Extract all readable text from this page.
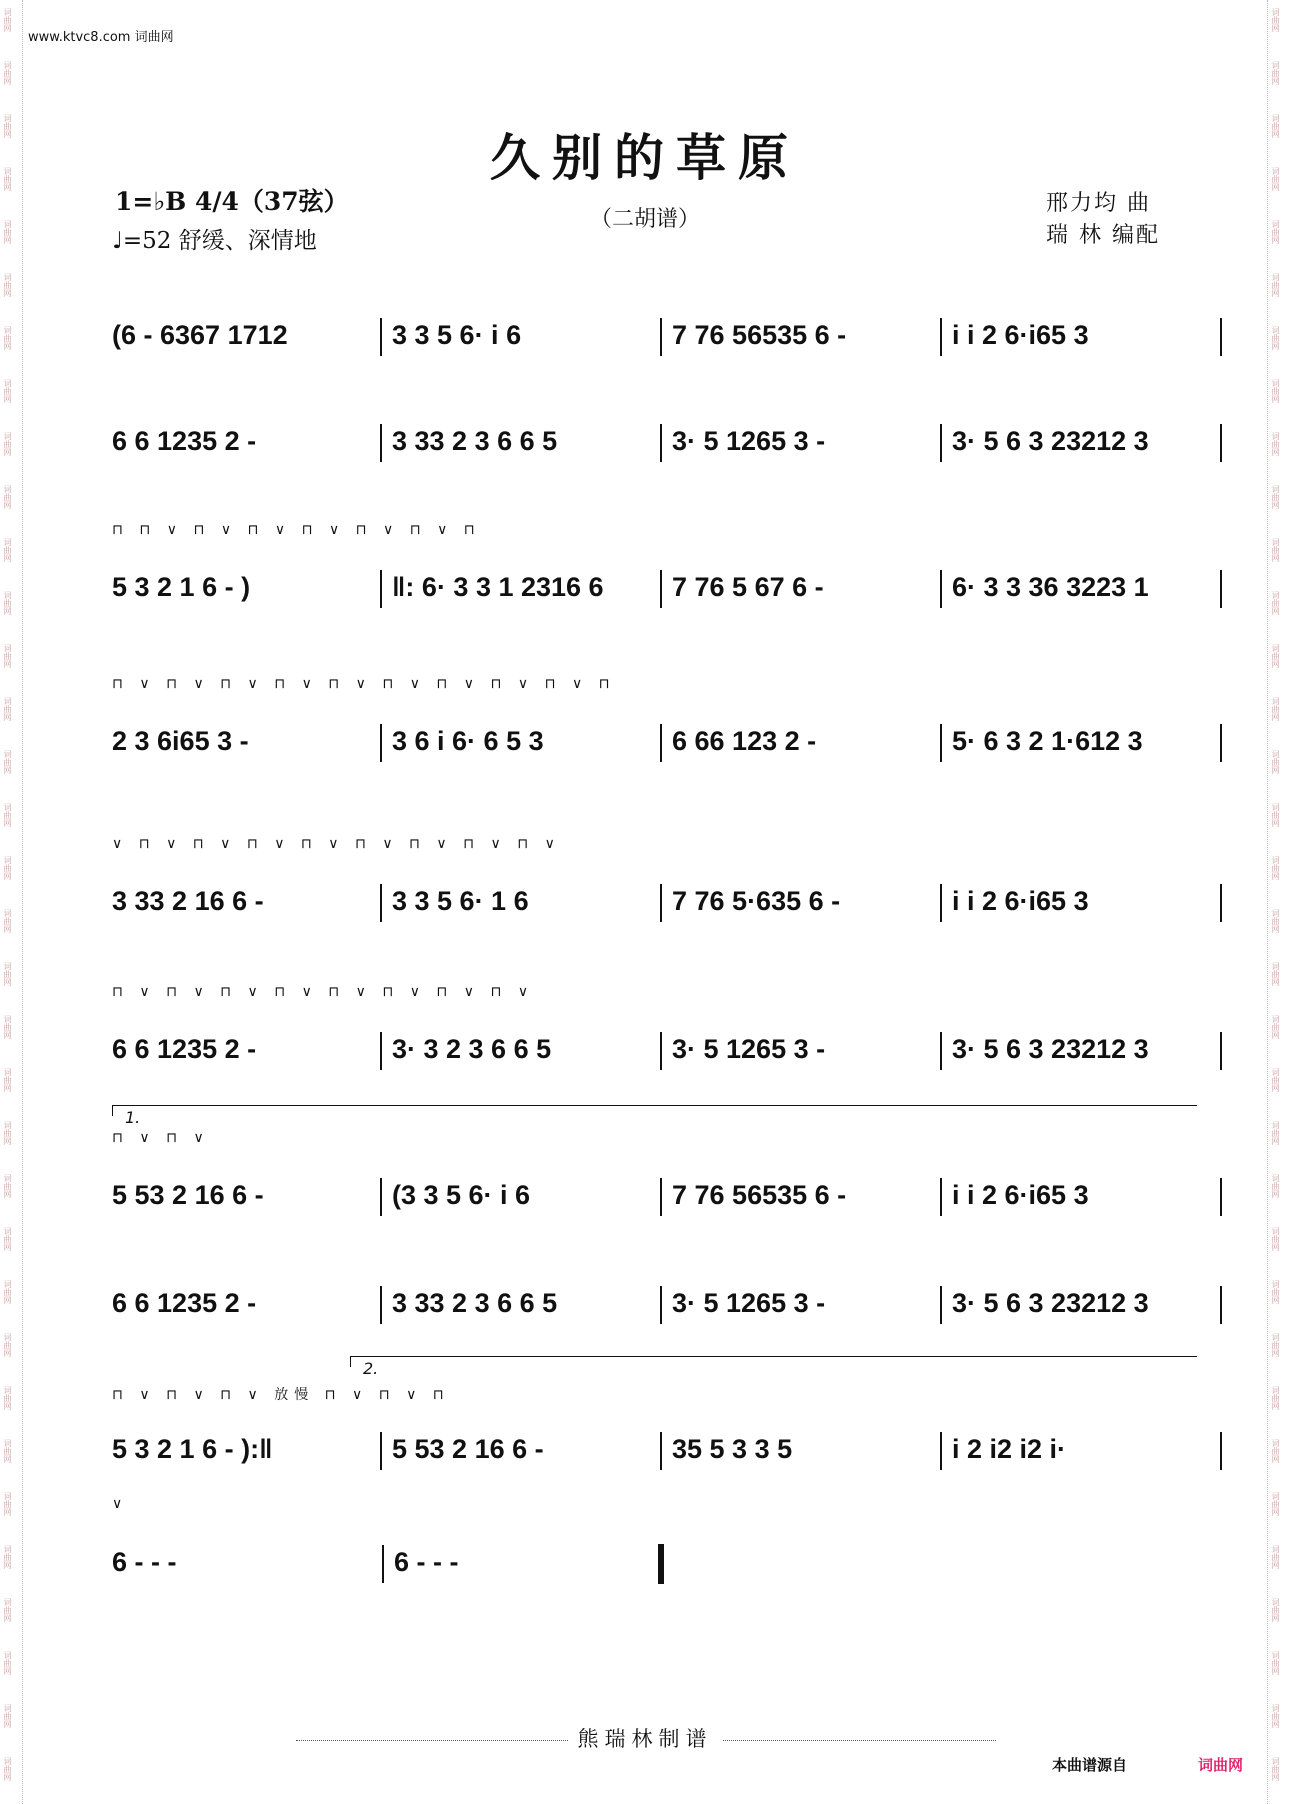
词曲网
词曲网
词曲网
词曲网
词曲网
词曲网
词曲网
词曲网
词曲网
词曲网
词曲网
词曲网
词曲网
词曲网
词曲网
词曲网
词曲网
词曲网
词曲网
词曲网
词曲网
词曲网
词曲网
词曲网
词曲网
词曲网
词曲网
词曲网
词曲网
词曲网
词曲网
词曲网
词曲网
词曲网
词曲网
词曲网
词曲网
词曲网
词曲网
词曲网
词曲网
词曲网
词曲网
词曲网
词曲网
词曲网
词曲网
词曲网
词曲网
词曲网
词曲网
词曲网
词曲网
词曲网
词曲网
词曲网
词曲网
词曲网
词曲网
词曲网
词曲网
词曲网
词曲网
词曲网
词曲网
词曲网
词曲网
词曲网
www.ktvc8.com 词曲网
久别的草原
（二胡谱）
1=♭B 4/4（37弦）
♩=52 舒缓、深情地
邢力均 曲
瑞 林 编配
(6 - 6367 1712	3 3 5 6· i 6	7 76 56535 6 -	i i 2 6·i65 3
6 6 1235 2 -	3 33 2 3 6 6 5	3· 5 1265 3 -	3· 5 6 3 23212 3
⊓ ⊓ ∨ ⊓ ∨ ⊓ ∨ ⊓ ∨ ⊓ ∨ ⊓ ∨ ⊓
5 3 2 1 6 - )	‖: 6· 3 3 1 2316 6	7 76 5 67 6 -	6· 3 3 36 3223 1
⊓ ∨ ⊓ ∨ ⊓ ∨ ⊓ ∨ ⊓ ∨ ⊓ ∨ ⊓ ∨ ⊓ ∨ ⊓ ∨ ⊓
2 3 6i65 3 -	3 6 i 6· 6 5 3	6 66 123 2 -	5· 6 3 2 1·612 3
∨ ⊓ ∨ ⊓ ∨ ⊓ ∨ ⊓ ∨ ⊓ ∨ ⊓ ∨ ⊓ ∨ ⊓ ∨
3 33 2 16 6 -	3 3 5 6· 1 6	7 76 5·635 6 -	i i 2 6·i65 3
⊓ ∨ ⊓ ∨ ⊓ ∨ ⊓ ∨ ⊓ ∨ ⊓ ∨ ⊓ ∨ ⊓ ∨
6 6 1235 2 -	3· 3 2 3 6 6 5	3· 5 1265 3 -	3· 5 6 3 23212 3
⊓ ∨ ⊓ ∨
5 53 2 16 6 -	(3 3 5 6· i 6	7 76 56535 6 -	i i 2 6·i65 3
6 6 1235 2 -	3 33 2 3 6 6 5	3· 5 1265 3 -	3· 5 6 3 23212 3
⊓ ∨ ⊓ ∨ ⊓ ∨ 放慢 ⊓ ∨ ⊓ ∨ ⊓
5 3 2 1 6 - ):‖	5 53 2 16 6 -	35 5 3 3 5	i 2 i2 i2 i·
∨
6 - - -	6 - - -
1.
2.
熊瑞林制谱
本曲谱源自	词曲网
